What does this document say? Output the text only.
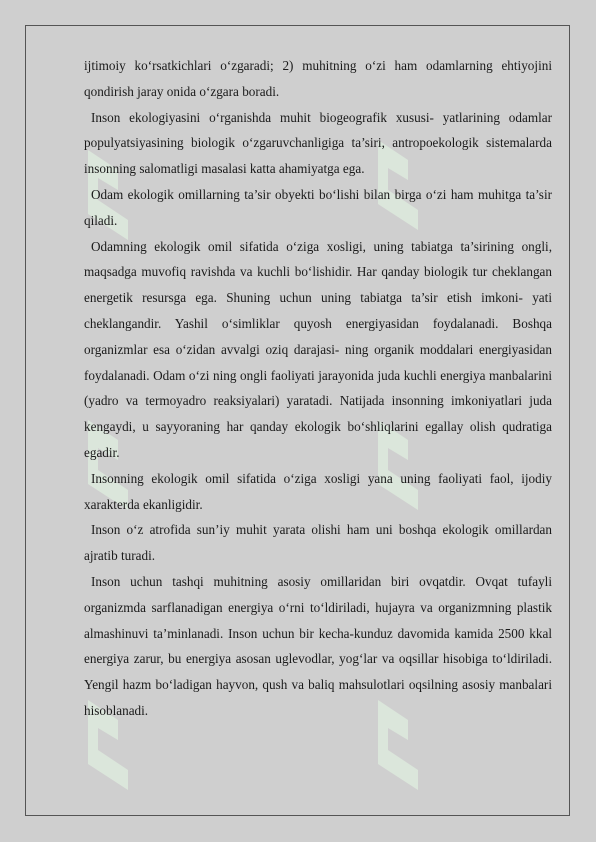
ijtimoiy ko‘rsatkichlari o‘zgaradi; 2) muhitning o‘zi ham odamlarning ehtiyojini qondirish jaray onida o‘zgara boradi.

Inson ekologiyasini o‘rganishda muhit biogeografik xususi- yatlarining odamlar populyatsiyasining biologik o‘zgaruvchanligiga ta’siri, antropoekologik sistemalarda insonning salomatligi masalasi katta ahamiyatga ega.

Odam ekologik omillarning ta’sir obyekti bo‘lishi bilan birga o‘zi ham muhitga ta’sir qiladi.

Odamning ekologik omil sifatida o‘ziga xosligi, uning tabiatga ta’sirining ongli, maqsadga muvofiq ravishda va kuchli bo‘lishidir. Har qanday biologik tur cheklangan energetik resursga ega. Shuning uchun uning tabiatga ta’sir etish imkoni- yati cheklangandir. Yashil o‘simliklar quyosh energiyasidan foydalanadi. Boshqa organizmlar esa o‘zidan avvalgi oziq darajasi- ning organik moddalari energiyasidan foydalanadi. Odam o‘zi ning ongli faoliyati jarayonida juda kuchli energiya manbalarini (yadro va termoyadro reaksiyalari) yaratadi. Natijada insonning imkoniyatlari juda kengaydi, u sayyoraning har qanday ekologik bo‘shliqlarini egallay olish qudratiga egadir.

Insonning ekologik omil sifatida o‘ziga xosligi yana uning faoliyati faol, ijodiy xarakterda ekanligidir.

Inson o‘z atrofida sun’iy muhit yarata olishi ham uni boshqa ekologik omillardan ajratib turadi.

Inson uchun tashqi muhitning asosiy omillaridan biri ovqatdir. Ovqat tufayli organizmda sarflanadigan energiya o‘rni to‘ldiriladi, hujayra va organizmning plastik almashinuvi ta’minlanadi. Inson uchun bir kecha-kunduz davomida kamida 2500 kkal energiya zarur, bu energiya asosan uglevodlar, yog‘lar va oqsillar hisobiga to‘ldiriladi. Yengil hazm bo‘ladigan hayvon, qush va baliq mahsulotlari oqsilning asosiy manbalari hisoblanadi.
